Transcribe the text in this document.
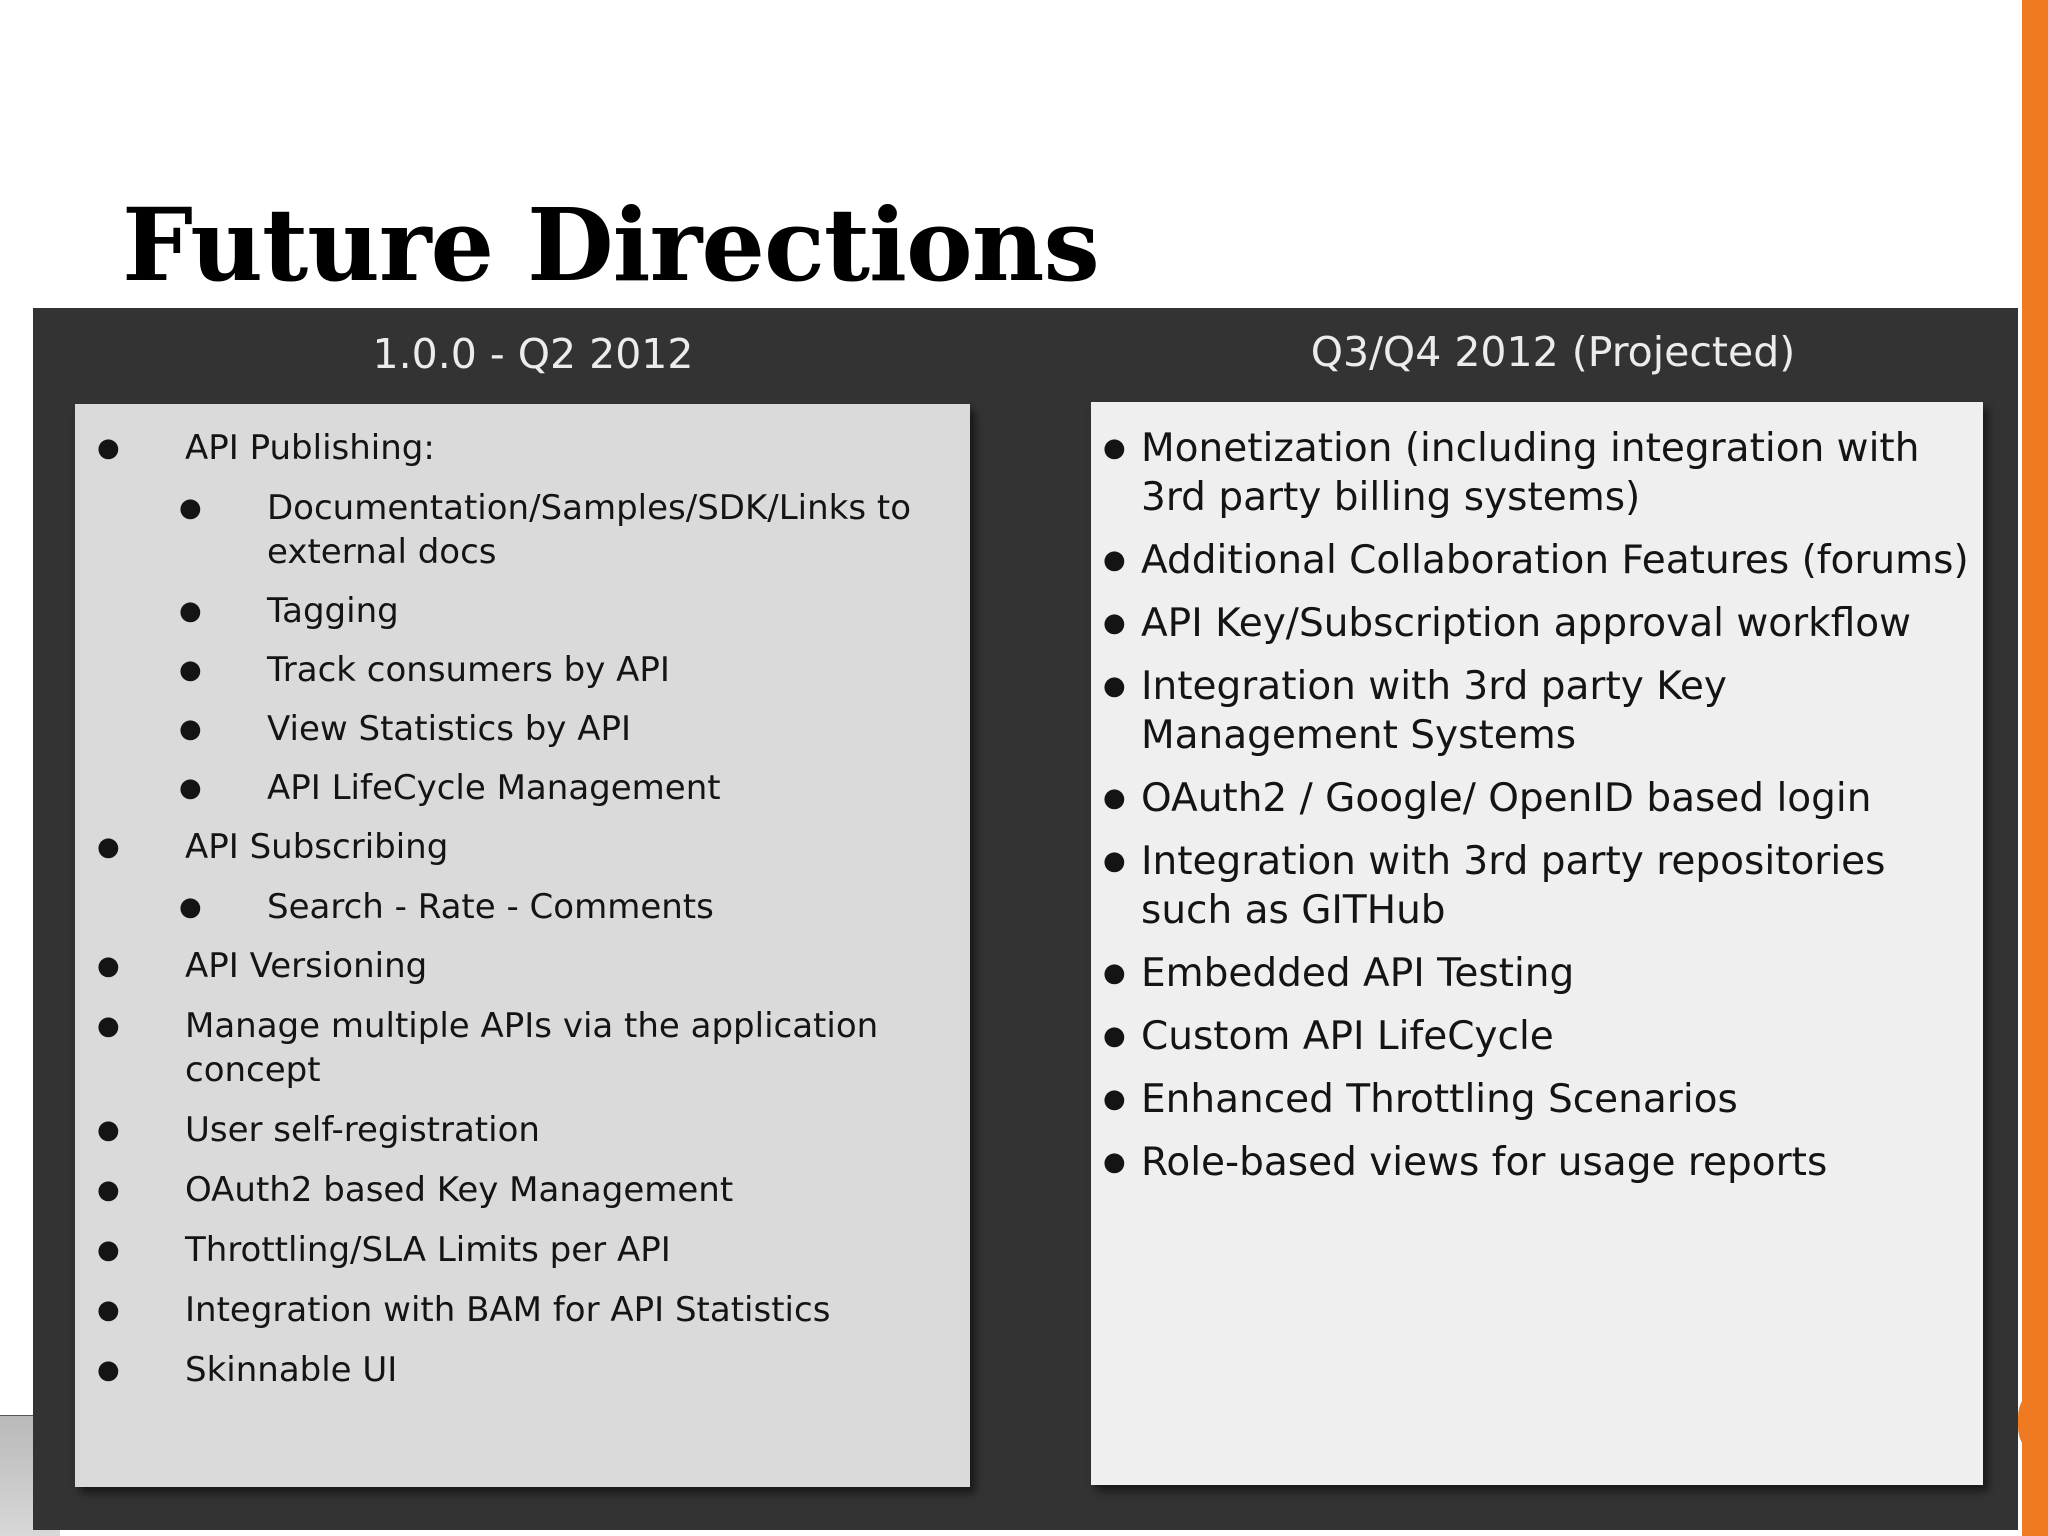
Future Directions
1.0.0 - Q2 2012	Q3/Q4 2012 (Projected)
● API Publishing:
● Documentation/Samples/SDK/Links to external docs
● Tagging
● Track consumers by API
● View Statistics by API
● API LifeCycle Management
● API Subscribing
● Search - Rate - Comments
● API Versioning
● Manage multiple APIs via the application concept
● User self-registration
● OAuth2 based Key Management
● Throttling/SLA Limits per API
● Integration with BAM for API Statistics
● Skinnable UI
● Monetization (including integration with 3rd party billing systems)
● Additional Collaboration Features (forums)
● API Key/Subscription approval workflow
● Integration with 3rd party Key Management Systems
● OAuth2 / Google/ OpenID based login
● Integration with 3rd party repositories such as GITHub
● Embedded API Testing
● Custom API LifeCycle
● Enhanced Throttling Scenarios
● Role-based views for usage reports
